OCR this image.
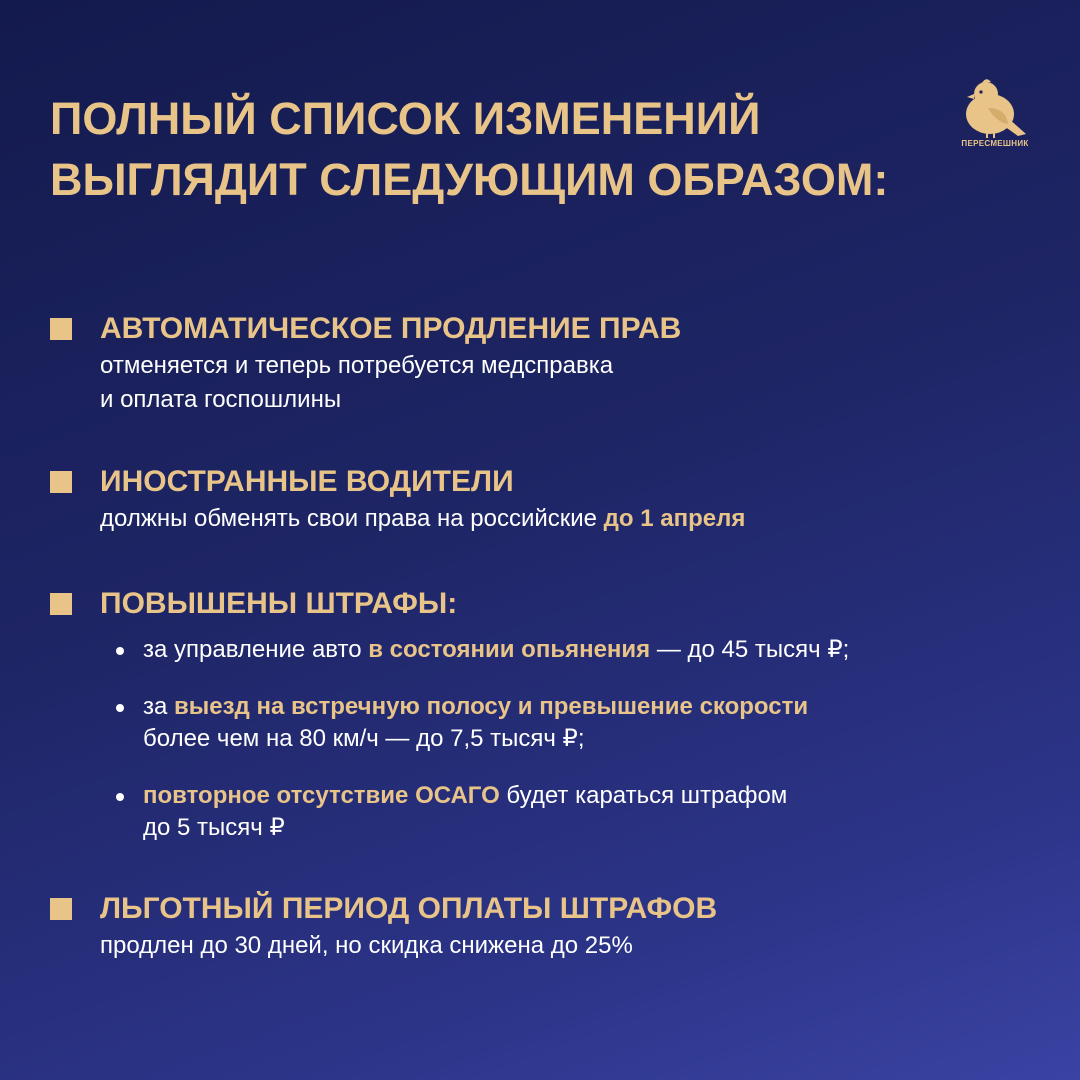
ПОЛНЫЙ СПИСОК ИЗМЕНЕНИЙ
ВЫГЛЯДИТ СЛЕДУЮЩИМ ОБРАЗОМ:
ПЕРЕСМЕШНИК
АВТОМАТИЧЕСКОЕ ПРОДЛЕНИЕ ПРАВ
отменяется и теперь потребуется медсправка
и оплата госпошлины
ИНОСТРАННЫЕ ВОДИТЕЛИ
должны обменять свои права на российские до 1 апреля
ПОВЫШЕНЫ ШТРАФЫ:
за управление авто в состоянии опьянения — до 45 тысяч ₽;
за выезд на встречную полосу и превышение скорости
более чем на 80 км/ч — до 7,5 тысяч ₽;
повторное отсутствие ОСАГО будет караться штрафом
до 5 тысяч ₽
ЛЬГОТНЫЙ ПЕРИОД ОПЛАТЫ ШТРАФОВ
продлен до 30 дней, но скидка снижена до 25%
